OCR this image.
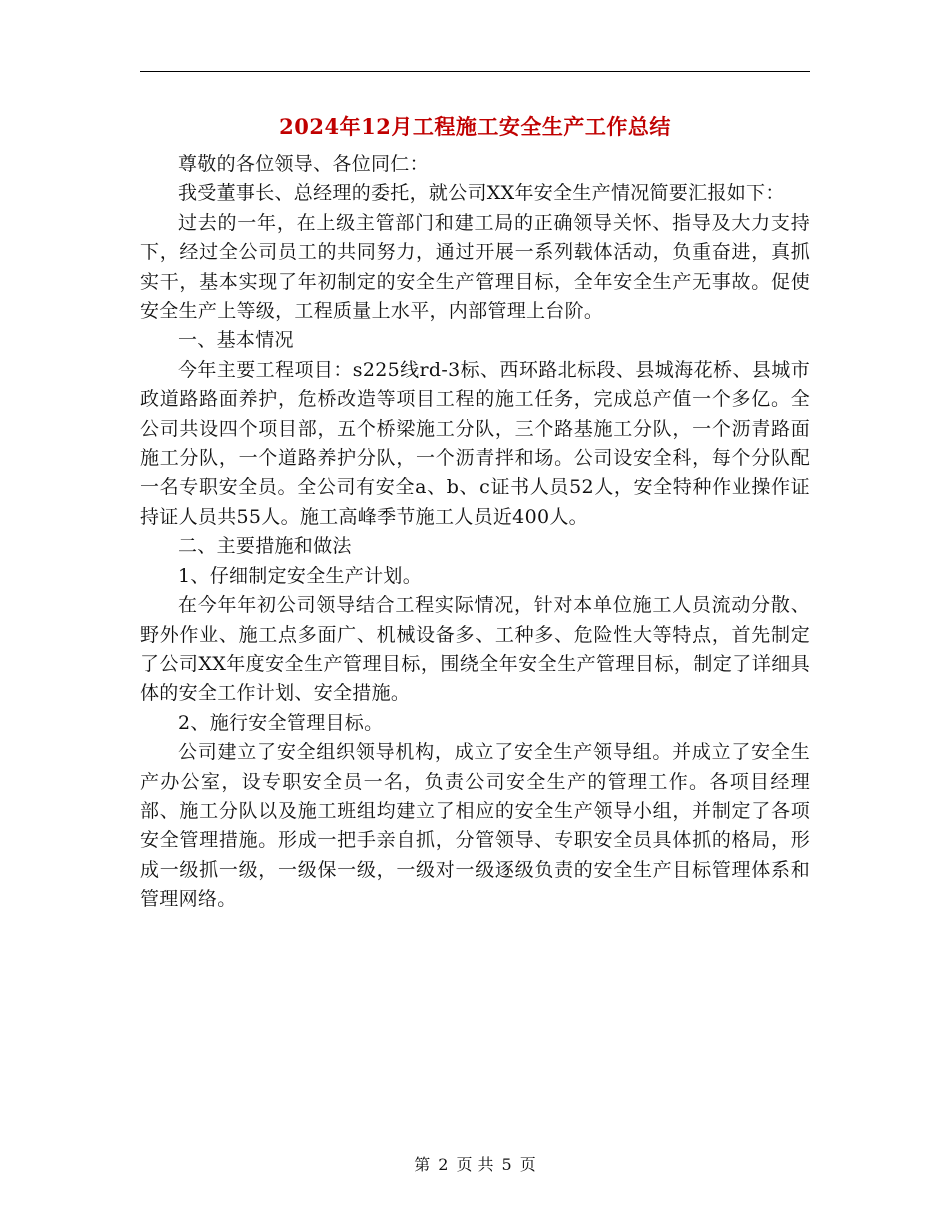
2024年12月工程施工安全生产工作总结

尊敬的各位领导、各位同仁：

我受董事长、总经理的委托，就公司XX年安全生产情况简要汇报如下：

过去的一年，在上级主管部门和建工局的正确领导关怀、指导及大力支持下，经过全公司员工的共同努力，通过开展一系列载体活动，负重奋进，真抓实干，基本实现了年初制定的安全生产管理目标，全年安全生产无事故。促使安全生产上等级，工程质量上水平，内部管理上台阶。

一、基本情况

今年主要工程项目：s225线rd-3标、西环路北标段、县城海花桥、县城市政道路路面养护，危桥改造等项目工程的施工任务，完成总产值一个多亿。全公司共设四个项目部，五个桥梁施工分队，三个路基施工分队，一个沥青路面施工分队，一个道路养护分队，一个沥青拌和场。公司设安全科，每个分队配一名专职安全员。全公司有安全a、b、c证书人员52人，安全特种作业操作证持证人员共55人。施工高峰季节施工人员近400人。

二、主要措施和做法

1、仔细制定安全生产计划。

在今年年初公司领导结合工程实际情况，针对本单位施工人员流动分散、野外作业、施工点多面广、机械设备多、工种多、危险性大等特点，首先制定了公司XX年度安全生产管理目标，围绕全年安全生产管理目标，制定了详细具体的安全工作计划、安全措施。

2、施行安全管理目标。

公司建立了安全组织领导机构，成立了安全生产领导组。并成立了安全生产办公室，设专职安全员一名，负责公司安全生产的管理工作。各项目经理部、施工分队以及施工班组均建立了相应的安全生产领导小组，并制定了各项安全管理措施。形成一把手亲自抓，分管领导、专职安全员具体抓的格局，形成一级抓一级，一级保一级，一级对一级逐级负责的安全生产目标管理体系和管理网络。

第 2 页 共 5 页
